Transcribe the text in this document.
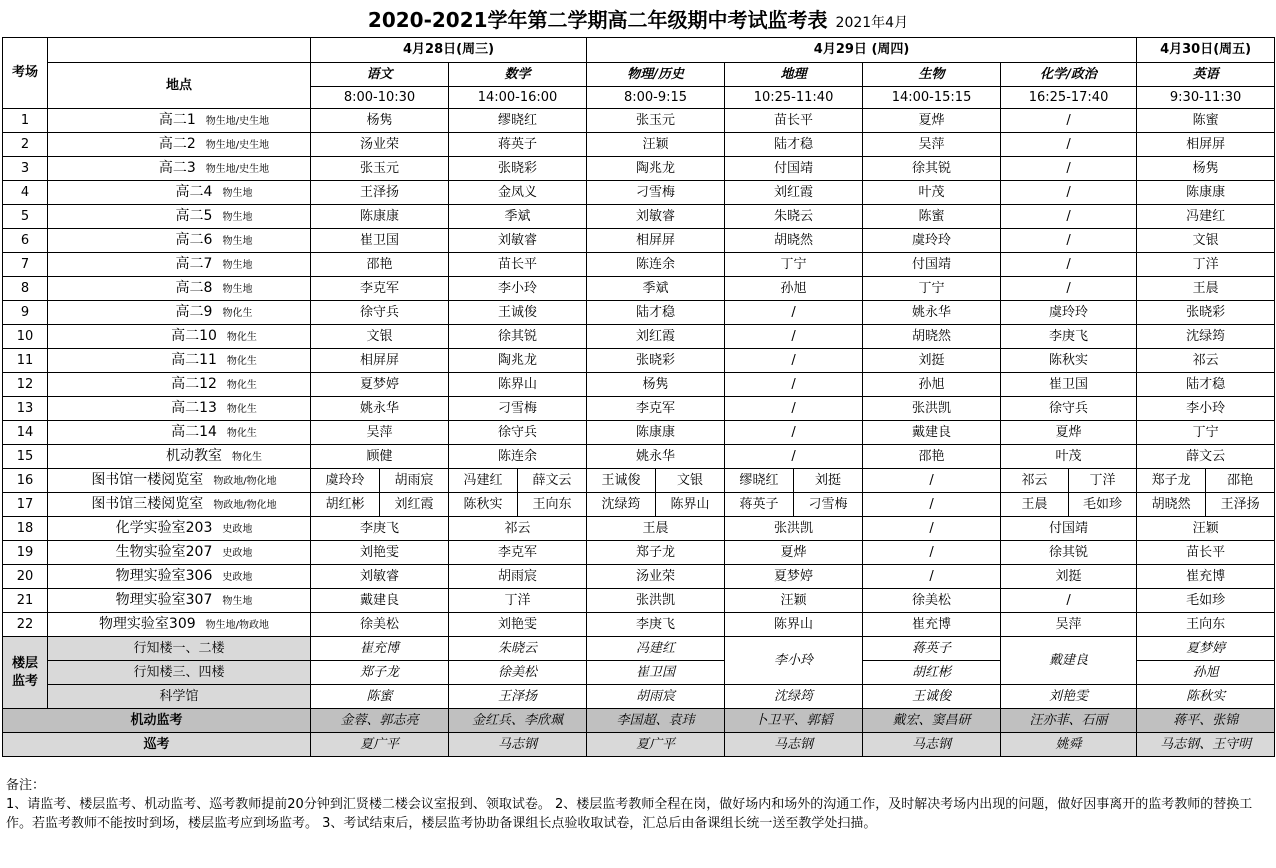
2020-2021学年第二学期高二年级期中考试监考表 2021年4月
考场		4月28日(周三)				4月29日 (周四)							4月30日(周五)	
	地点	语文		数学		物理/历史		地理		生物	化学/政治		英语	
		8:00-10:30		14:00-16:00		8:00-9:15		10:25-11:40		14:00-15:15	16:25-17:40		9:30-11:30	
1	高二1 物生地/史生地	杨隽		缪晓红		张玉元		苗长平		夏烨	/		陈蜜	
2	高二2 物生地/史生地	汤业荣		蒋英子		汪颖		陆才稳		吴萍	/		相屏屏	
3	高二3 物生地/史生地	张玉元		张晓彩		陶兆龙		付国靖		徐其锐	/		杨隽	
4	高二4 物生地	王泽扬		金凤义		刁雪梅		刘红霞		叶茂	/		陈康康	
5	高二5 物生地	陈康康		季斌		刘敏睿		朱晓云		陈蜜	/		冯建红	
6	高二6 物生地	崔卫国		刘敏睿		相屏屏		胡晓然		虞玲玲	/		文银	
7	高二7 物生地	邵艳		苗长平		陈连余		丁宁		付国靖	/		丁洋	
8	高二8 物生地	李克军		李小玲		季斌		孙旭		丁宁	/		王晨	
9	高二9 物化生	徐守兵		王诚俊		陆才稳		/		姚永华	虞玲玲		张晓彩	
10	高二10 物化生	文银		徐其锐		刘红霞		/		胡晓然	李庚飞		沈绿筠	
11	高二11 物化生	相屏屏		陶兆龙		张晓彩		/		刘挺	陈秋实		祁云	
12	高二12 物化生	夏梦婷		陈界山		杨隽		/		孙旭	崔卫国		陆才稳	
13	高二13 物化生	姚永华		刁雪梅		李克军		/		张洪凯	徐守兵		李小玲	
14	高二14 物化生	吴萍		徐守兵		陈康康		/		戴建良	夏烨		丁宁	
15	机动教室 物化生	顾健		陈连余		姚永华		/		邵艳	叶茂		薛文云	
16	图书馆一楼阅览室 物政地/物化地	虞玲玲	胡雨宸	冯建红	薛文云	王诚俊	文银	缪晓红	刘挺	/	祁云	丁洋	郑子龙	邵艳
17	图书馆三楼阅览室 物政地/物化地	胡红彬	刘红霞	陈秋实	王向东	沈绿筠	陈界山	蒋英子	刁雪梅	/	王晨	毛如珍	胡晓然	王泽扬
18	化学实验室203 史政地	李庚飞		祁云		王晨		张洪凯		/	付国靖		汪颖	
19	生物实验室207 史政地	刘艳雯		李克军		郑子龙		夏烨		/	徐其锐		苗长平	
20	物理实验室306 史政地	刘敏睿		胡雨宸		汤业荣		夏梦婷		/	刘挺		崔充博	
21	物理实验室307 物生地	戴建良		丁洋		张洪凯		汪颖		徐美松	/		毛如珍	
22	物理实验室309 物生地/物政地	徐美松		刘艳雯		李庚飞		陈界山		崔充博	吴萍		王向东	
楼层监考	行知楼一、二楼	崔充博		朱晓云		冯建红		李小玲		蒋英子	戴建良		夏梦婷	
	行知楼三、四楼	郑子龙		徐美松		崔卫国				胡红彬			孙旭	
	科学馆	陈蜜		王泽扬		胡雨宸		沈绿筠		王诚俊	刘艳雯		陈秋实	
机动监考		金蓉、郭志亮		金红兵、李欣珮		李国超、袁玮		卜卫平、郭韬		戴宏、窦昌研	汪亦菲、石丽		蒋平、张锦	
巡考		夏广平		马志钢		夏广平		马志钢		马志钢	姚舜		马志钢、王守明	
备注：
1、请监考、楼层监考、机动监考、巡考教师提前20分钟到汇贤楼二楼会议室报到、领取试卷。 2、楼层监考教师全程在岗，做好场内和场外的沟通工作，及时解决考场内出现的问题，做好因事离开的监考教师的替换工作。若监考教师不能按时到场，楼层监考应到场监考。 3、考试结束后，楼层监考协助备课组长点验收取试卷，汇总后由备课组长统一送至教学处扫描。
